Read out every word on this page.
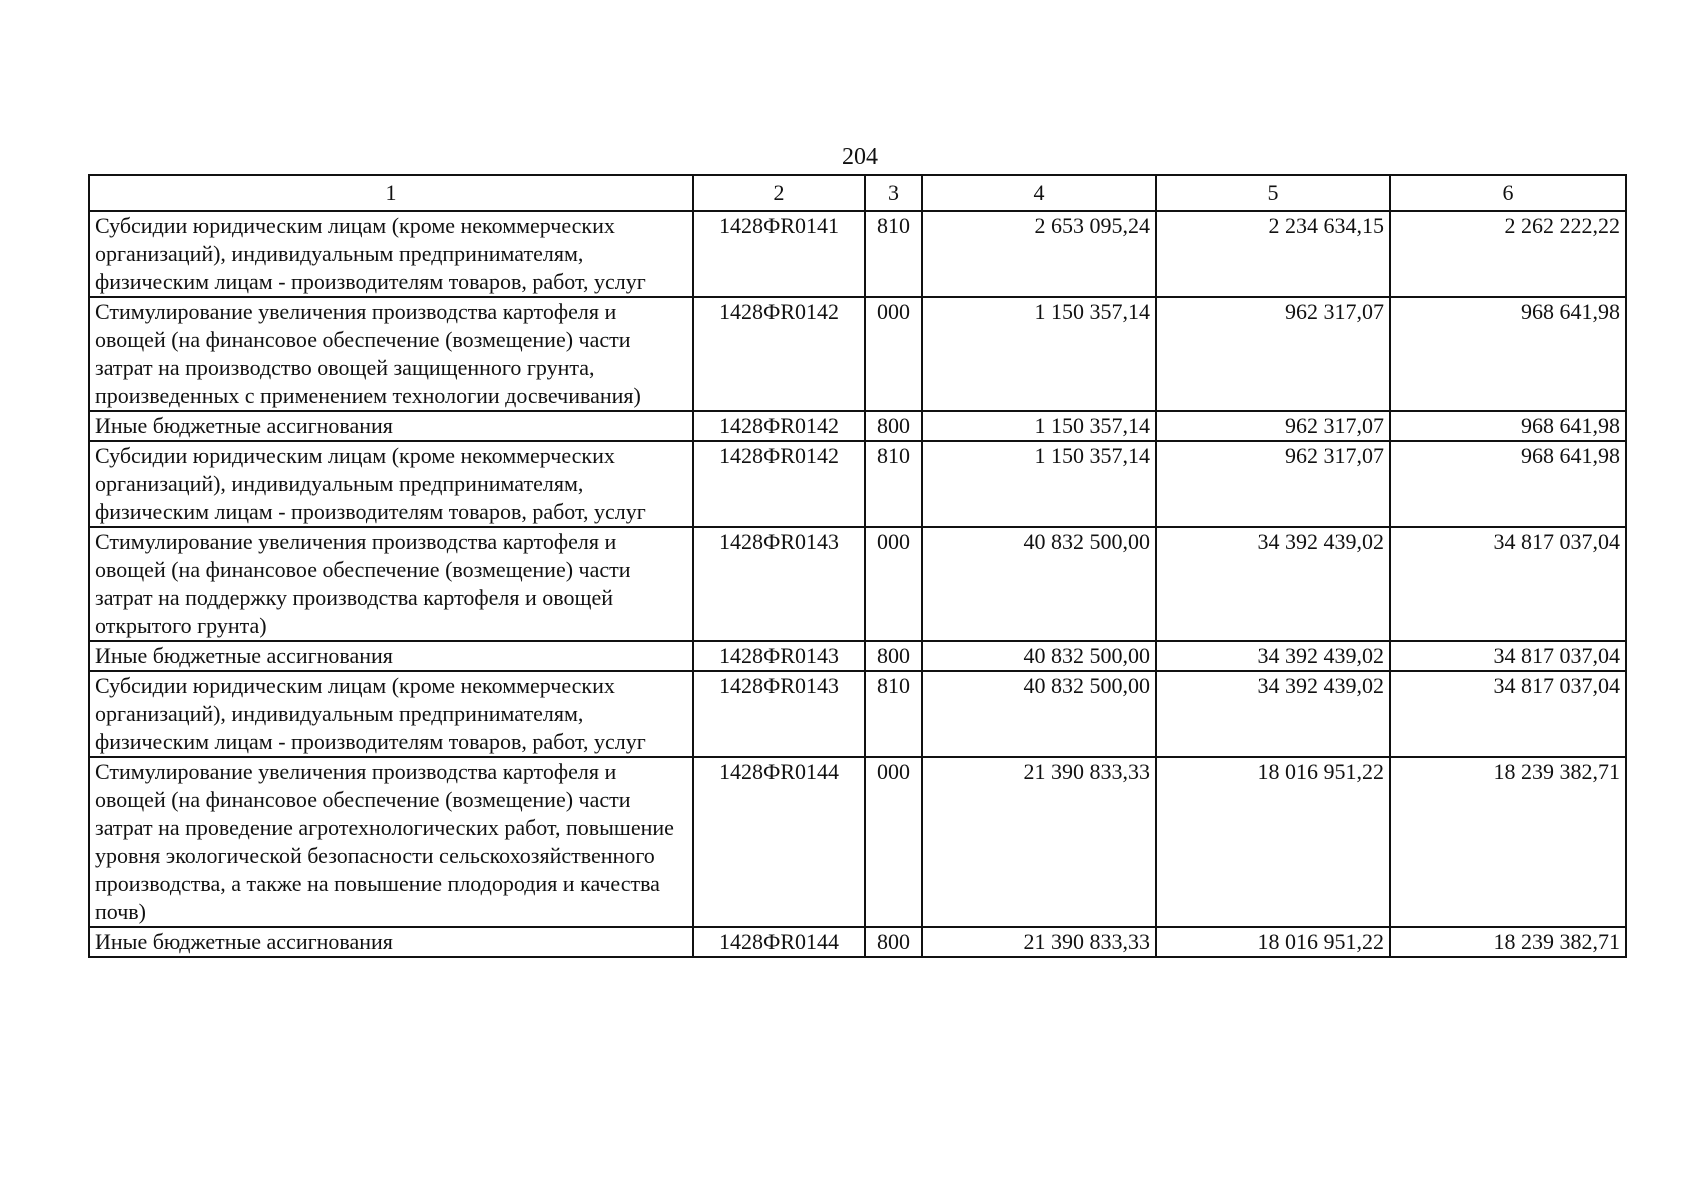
204
1	2	3	4	5	6
Субсидии юридическим лицам (кроме некоммерческих организаций), индивидуальным предпринимателям, физическим лицам - производителям товаров, работ, услуг	1428ФR0141	810	2 653 095,24	2 234 634,15	2 262 222,22
Стимулирование увеличения производства картофеля и овощей (на финансовое обеспечение (возмещение) части затрат на производство овощей защищенного грунта, произведенных с применением технологии досвечивания)	1428ФR0142	000	1 150 357,14	962 317,07	968 641,98
Иные бюджетные ассигнования	1428ФR0142	800	1 150 357,14	962 317,07	968 641,98
Субсидии юридическим лицам (кроме некоммерческих организаций), индивидуальным предпринимателям, физическим лицам - производителям товаров, работ, услуг	1428ФR0142	810	1 150 357,14	962 317,07	968 641,98
Стимулирование увеличения производства картофеля и овощей (на финансовое обеспечение (возмещение) части затрат на поддержку производства картофеля и овощей открытого грунта)	1428ФR0143	000	40 832 500,00	34 392 439,02	34 817 037,04
Иные бюджетные ассигнования	1428ФR0143	800	40 832 500,00	34 392 439,02	34 817 037,04
Субсидии юридическим лицам (кроме некоммерческих организаций), индивидуальным предпринимателям, физическим лицам - производителям товаров, работ, услуг	1428ФR0143	810	40 832 500,00	34 392 439,02	34 817 037,04
Стимулирование увеличения производства картофеля и овощей (на финансовое обеспечение (возмещение) части затрат на проведение агротехнологических работ, повышение уровня экологической безопасности сельскохозяйственного производства, а также на повышение плодородия и качества почв)	1428ФR0144	000	21 390 833,33	18 016 951,22	18 239 382,71
Иные бюджетные ассигнования	1428ФR0144	800	21 390 833,33	18 016 951,22	18 239 382,71
